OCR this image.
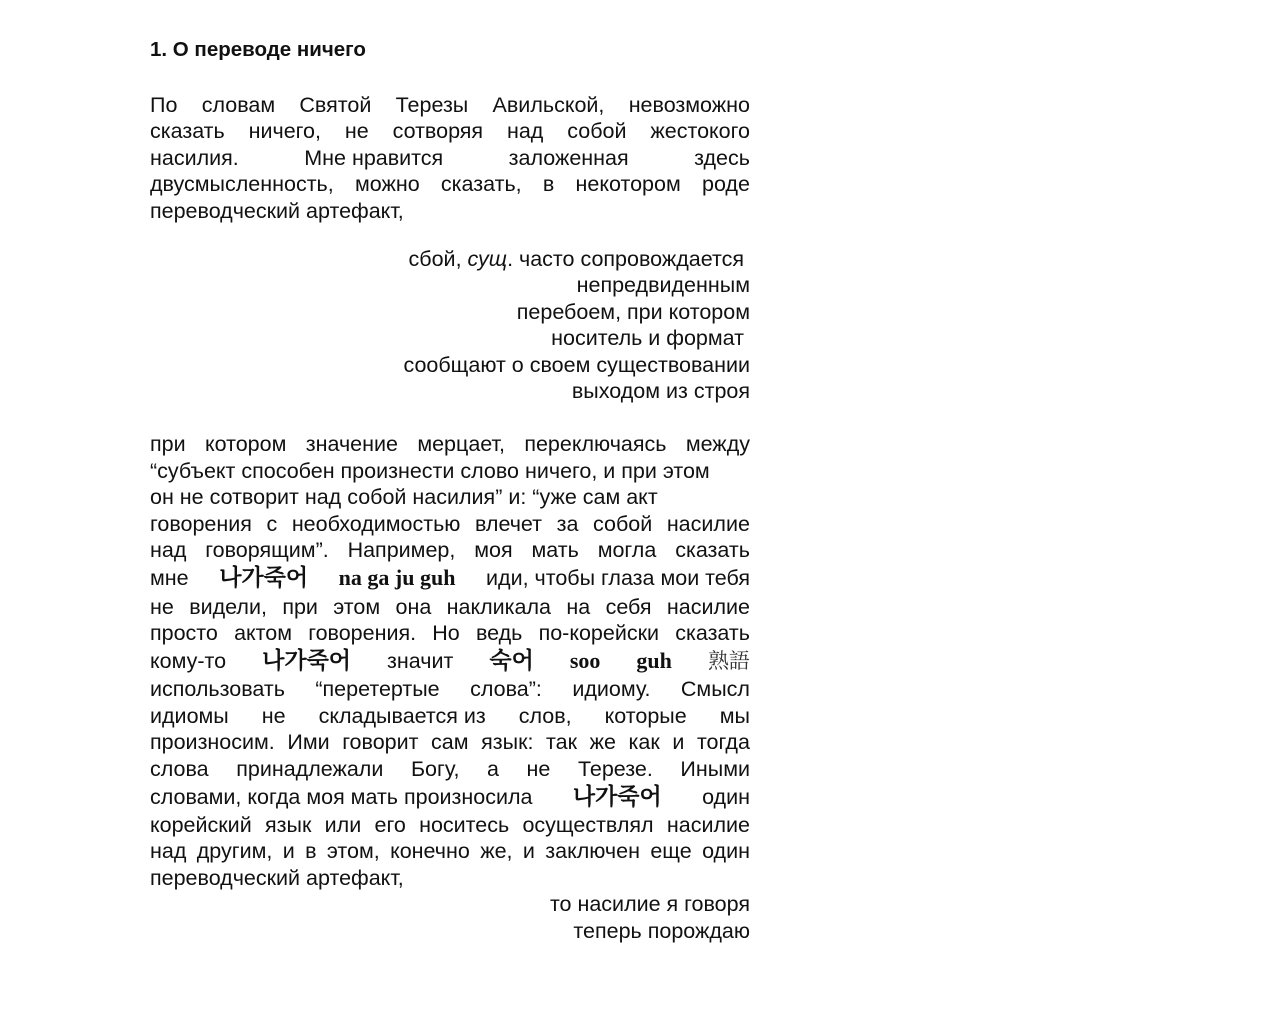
1. О переводе ничего
По словам Святой Терезы Авильской, невозможно
сказать ничего, не сотворяя над собой жестокого
насилия.	Мне нравится	заложенная	здесь
двусмысленность, можно сказать, в некотором роде
переводческий артефакт,
сбой, сущ. часто сопровождается
непредвиденным
перебоем, при котором
носитель и формат
сообщают о своем существовании
выходом из строя
при котором значение мерцает, переключаясь между
“субъект способен произнести слово ничего, и при этом
он не сотворит над собой насилия” и: “уже сам акт
говорения с необходимостью влечет за собой насилие
над говорящим”. Например, моя мать могла сказать
мне 나가죽어 na ga ju guh иди, чтобы глаза мои тебя
не видели, при этом она накликала на себя насилие
просто актом говорения. Но ведь по-корейски сказать
кому-то 나가죽어 значит 숙어 soo guh 熟語
использовать “перетертые слова”: идиому. Смысл
идиомы не складывается из слов, которые мы
произносим. Ими говорит сам язык: так же как и тогда
слова принадлежали Богу, а не Терезе. Иными
словами, когда моя мать произносила 나가죽어 один
корейский язык или его носитесь осуществлял насилие
над другим, и в этом, конечно же, и заключен еще один
переводческий артефакт,
то насилие я говоря
теперь порождаю
